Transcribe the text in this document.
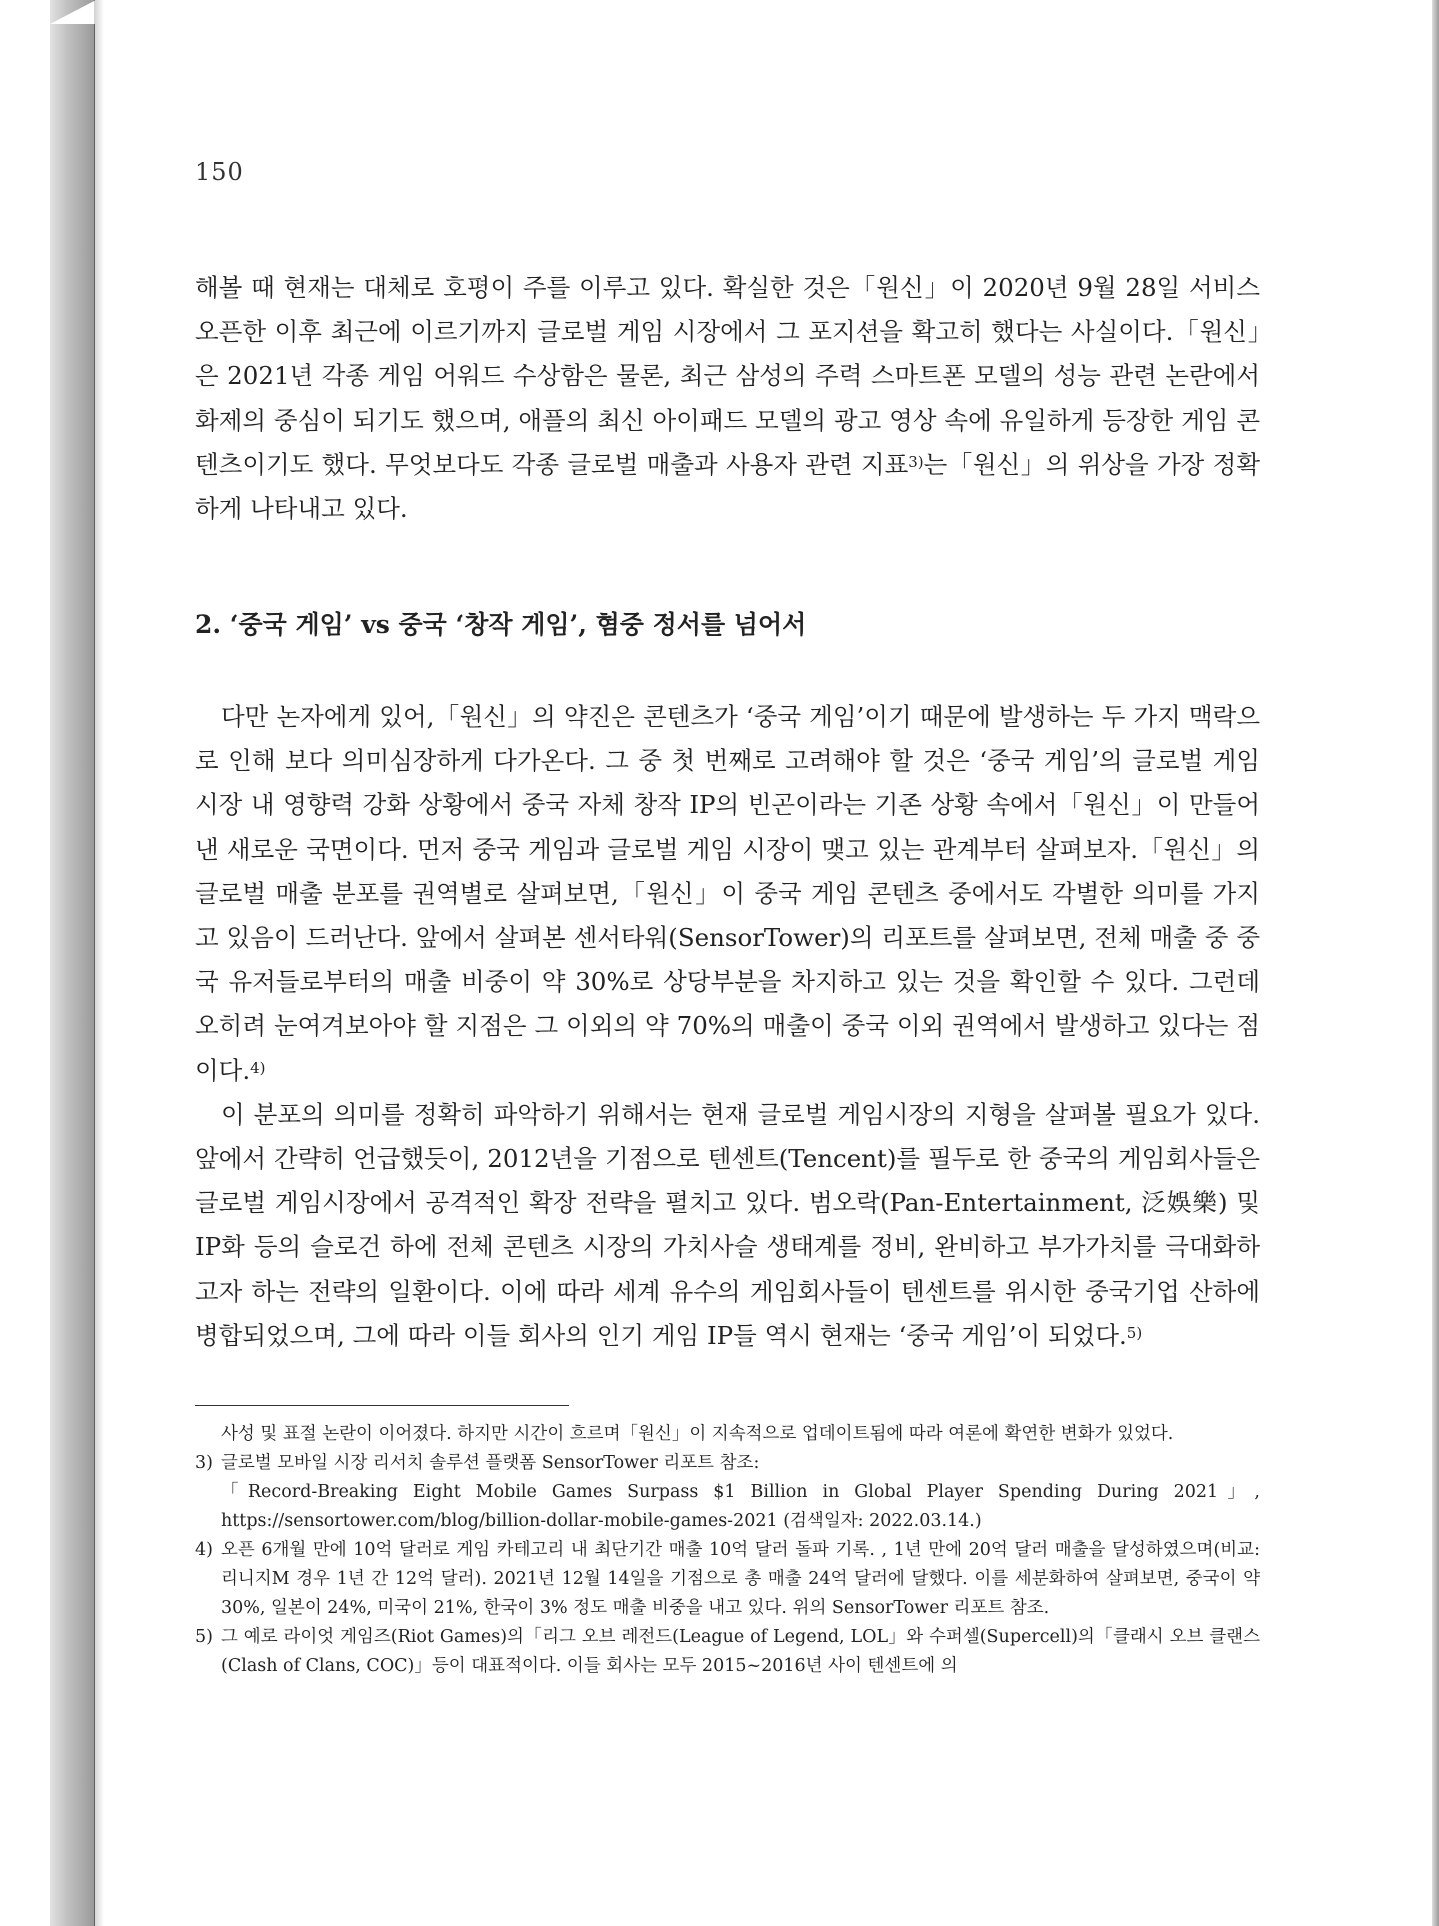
150

해볼 때 현재는 대체로 호평이 주를 이루고 있다. 확실한 것은「원신」이 2020년 9월 28일 서비스 오픈한 이후 최근에 이르기까지 글로벌 게임 시장에서 그 포지션을 확고히 했다는 사실이다.「원신」은 2021년 각종 게임 어워드 수상함은 물론, 최근 삼성의 주력 스마트폰 모델의 성능 관련 논란에서 화제의 중심이 되기도 했으며, 애플의 최신 아이패드 모델의 광고 영상 속에 유일하게 등장한 게임 콘텐츠이기도 했다. 무엇보다도 각종 글로벌 매출과 사용자 관련 지표$^{3)}$는「원신」의 위상을 가장 정확하게 나타내고 있다.

2. ‘중국 게임’ vs 중국 ‘창작 게임’, 혐중 정서를 넘어서

다만 논자에게 있어,「원신」의 약진은 콘텐츠가 ‘중국 게임’이기 때문에 발생하는 두 가지 맥락으로 인해 보다 의미심장하게 다가온다. 그 중 첫 번째로 고려해야 할 것은 ‘중국 게임’의 글로벌 게임 시장 내 영향력 강화 상황에서 중국 자체 창작 IP의 빈곤이라는 기존 상황 속에서「원신」이 만들어낸 새로운 국면이다. 먼저 중국 게임과 글로벌 게임 시장이 맺고 있는 관계부터 살펴보자.「원신」의 글로벌 매출 분포를 권역별로 살펴보면,「원신」이 중국 게임 콘텐츠 중에서도 각별한 의미를 가지고 있음이 드러난다. 앞에서 살펴본 센서타워(SensorTower)의 리포트를 살펴보면, 전체 매출 중 중국 유저들로부터의 매출 비중이 약 30%로 상당부분을 차지하고 있는 것을 확인할 수 있다. 그런데 오히려 눈여겨보아야 할 지점은 그 이외의 약 70%의 매출이 중국 이외 권역에서 발생하고 있다는 점이다.$^{4)}$

이 분포의 의미를 정확히 파악하기 위해서는 현재 글로벌 게임시장의 지형을 살펴볼 필요가 있다. 앞에서 간략히 언급했듯이, 2012년을 기점으로 텐센트(Tencent)를 필두로 한 중국의 게임회사들은 글로벌 게임시장에서 공격적인 확장 전략을 펼치고 있다. 범오락(Pan-Entertainment, 泛娛樂) 및 IP화 등의 슬로건 하에 전체 콘텐츠 시장의 가치사슬 생태계를 정비, 완비하고 부가가치를 극대화하고자 하는 전략의 일환이다. 이에 따라 세계 유수의 게임회사들이 텐센트를 위시한 중국기업 산하에 병합되었으며, 그에 따라 이들 회사의 인기 게임 IP들 역시 현재는 ‘중국 게임’이 되었다.$^{5)}$

사성 및 표절 논란이 이어졌다. 하지만 시간이 흐르며「원신」이 지속적으로 업데이트됨에 따라 여론에 확연한 변화가 있었다.

3) 글로벌 모바일 시장 리서치 솔루션 플랫폼 SensorTower 리포트 참조:
「Record-Breaking Eight Mobile Games Surpass $1 Billion in Global Player Spending During 2021」, https://sensortower.com/blog/billion-dollar-mobile-games-2021 (검색일자: 2022.03.14.)
4) 오픈 6개월 만에 10억 달러로 게임 카테고리 내 최단기간 매출 10억 달러 돌파 기록. , 1년 만에 20억 달러 매출을 달성하였으며(비교: 리니지M 경우 1년 간 12억 달러). 2021년 12월 14일을 기점으로 총 매출 24억 달러에 달했다. 이를 세분화하여 살펴보면, 중국이 약 30%, 일본이 24%, 미국이 21%, 한국이 3% 정도 매출 비중을 내고 있다. 위의 SensorTower 리포트 참조.
5) 그 예로 라이엇 게임즈(Riot Games)의「리그 오브 레전드(League of Legend, LOL」와 수퍼셀(Supercell)의「클래시 오브 클랜스(Clash of Clans, COC)」등이 대표적이다. 이들 회사는 모두 2015~2016년 사이 텐센트에 의
